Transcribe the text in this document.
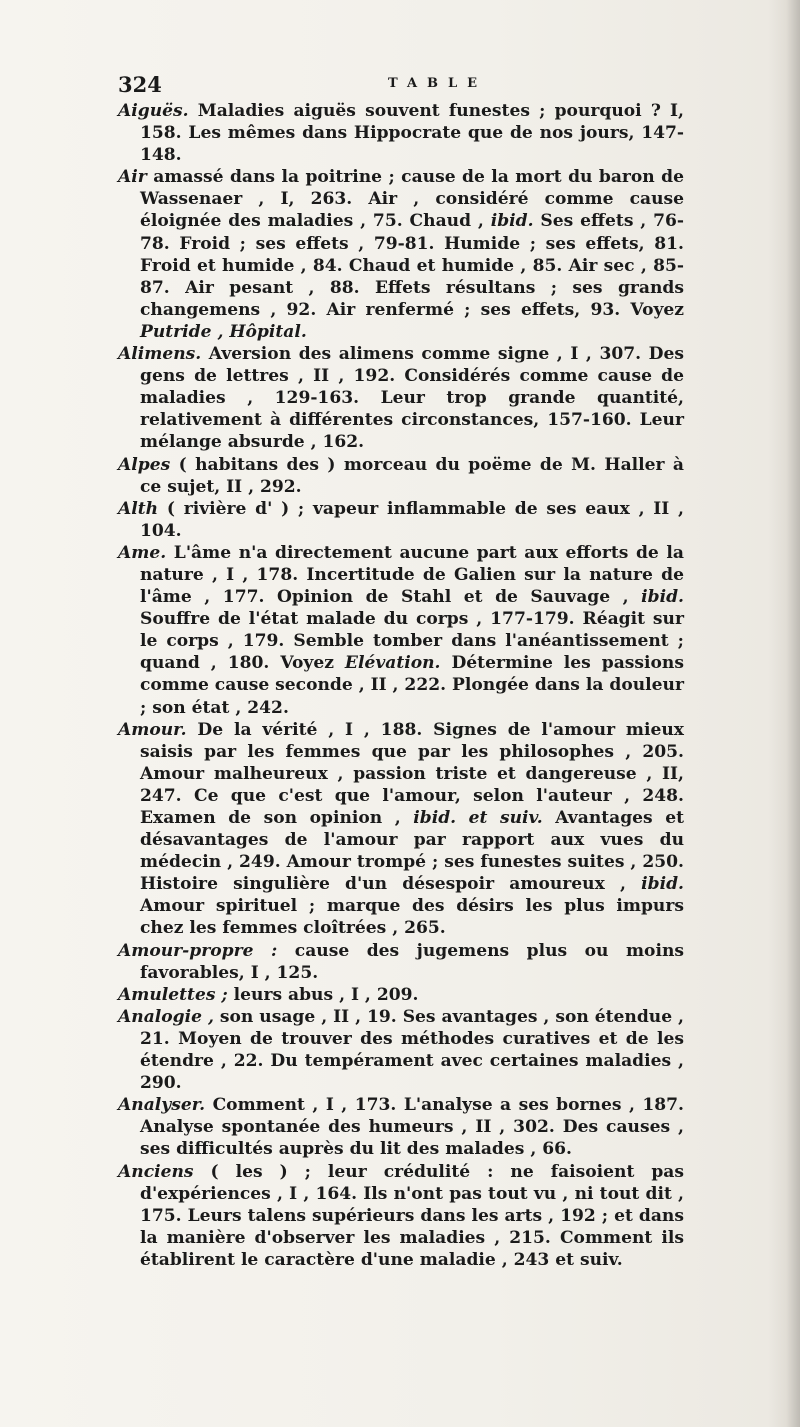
324	TABLE

Aiguës. Maladies aiguës souvent funestes ; pourquoi ? I, 158. Les mêmes dans Hippocrate que de nos jours, 147-148.

Air amassé dans la poitrine ; cause de la mort du baron de Wassenaer , I, 263. Air , considéré comme cause éloignée des maladies , 75. Chaud , ibid. Ses effets , 76-78. Froid ; ses effets , 79-81. Humide ; ses effets, 81. Froid et humide , 84. Chaud et humide , 85. Air sec , 85-87. Air pesant , 88. Effets résultans ; ses grands changemens , 92. Air renfermé ; ses effets, 93. Voyez Putride , Hôpital.

Alimens. Aversion des alimens comme signe , I , 307. Des gens de lettres , II , 192. Considérés comme cause de maladies , 129-163. Leur trop grande quantité, relativement à différentes circonstances, 157-160. Leur mélange absurde , 162.

Alpes ( habitans des ) morceau du poëme de M. Haller à ce sujet, II , 292.

Alth ( rivière d' ) ; vapeur inflammable de ses eaux , II , 104.

Ame. L'âme n'a directement aucune part aux efforts de la nature , I , 178. Incertitude de Galien sur la nature de l'âme , 177. Opinion de Stahl et de Sauvage , ibid. Souffre de l'état malade du corps , 177-179. Réagit sur le corps , 179. Semble tomber dans l'anéantissement ; quand , 180. Voyez Elévation. Détermine les passions comme cause seconde , II , 222. Plongée dans la douleur ; son état , 242.

Amour. De la vérité , I , 188. Signes de l'amour mieux saisis par les femmes que par les philosophes , 205. Amour malheureux , passion triste et dangereuse , II, 247. Ce que c'est que l'amour, selon l'auteur , 248. Examen de son opinion , ibid. et suiv. Avantages et désavantages de l'amour par rapport aux vues du médecin , 249. Amour trompé ; ses funestes suites , 250. Histoire singulière d'un désespoir amoureux , ibid. Amour spirituel ; marque des désirs les plus impurs chez les femmes cloîtrées , 265.

Amour-propre : cause des jugemens plus ou moins favorables, I , 125.

Amulettes ; leurs abus , I , 209.

Analogie , son usage , II , 19. Ses avantages , son étendue , 21. Moyen de trouver des méthodes curatives et de les étendre , 22. Du tempérament avec certaines maladies , 290.

Analyser. Comment , I , 173. L'analyse a ses bornes , 187. Analyse spontanée des humeurs , II , 302. Des causes , ses difficultés auprès du lit des malades , 66.

Anciens ( les ) ; leur crédulité : ne faisoient pas d'expériences , I , 164. Ils n'ont pas tout vu , ni tout dit , 175. Leurs talens supérieurs dans les arts , 192 ; et dans la manière d'observer les maladies , 215. Comment ils établirent le caractère d'une maladie , 243 et suiv.
